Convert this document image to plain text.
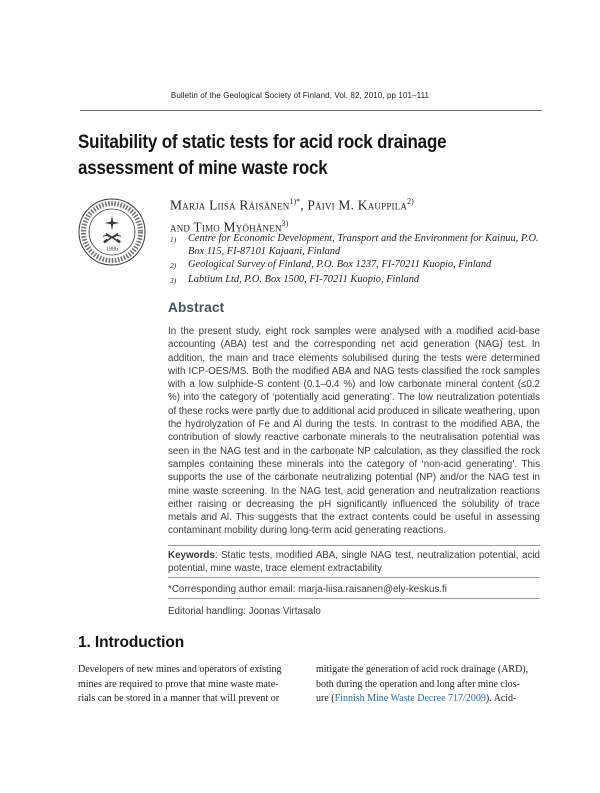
Bulletin of the Geological Society of Finland, Vol. 82, 2010, pp 101–111
Suitability of static tests for acid rock drainage
assessment of mine waste rock
1886
Marja Liisa Räisänen$^{1)*}$, Päivi M. Kauppila$^{2)}$
and Timo Myöhänen$^{3)}$
1)	Centre for Economic Development, Transport and the Environment for Kainuu, P.O. Box 115, FI-87101 Kajaani, Finland
2)	Geological Survey of Finland, P.O. Box 1237, FI-70211 Kuopio, Finland
3)	Labtium Ltd, P.O. Box 1500, FI-70211 Kuopio, Finland
Abstract

In the present study, eight rock samples were analysed with a modified acid-base accounting (ABA) test and the corresponding net acid generation (NAG) test. In addition, the main and trace elements solubilised during the tests were determined with ICP-OES/MS. Both the modified ABA and NAG tests classified the rock samples with a low sulphide-S content (0.1–0.4 %) and low carbonate mineral content (≤0.2 %) into the category of ‘potentially acid generating’. The low neutralization potentials of these rocks were partly due to additional acid produced in silicate weathering, upon the hydrolyzation of Fe and Al during the tests. In contrast to the modified ABA, the contribution of slowly reactive carbonate minerals to the neutralisation potential was seen in the NAG test and in the carbonate NP calculation, as they classified the rock samples containing these minerals into the category of ‘non-acid generating’. This supports the use of the carbonate neutralizing potential (NP) and/or the NAG test in mine waste screening. In the NAG test, acid generation and neutralization reactions either raising or decreasing the pH significantly influenced the solubility of trace metals and Al. This suggests that the extract contents could be useful in assessing contaminant mobility during long-term acid generating reactions.

Keywords: Static tests, modified ABA, single NAG test, neutralization potential, acid potential, mine waste, trace element extractability
*Corresponding author email: marja-liisa.raisanen@ely-keskus.fi
Editorial handling: Joonas Virtasalo
1. Introduction
Developers of new mines and operators of existing
mines are required to prove that mine waste mate-
rials can be stored in a manner that will prevent or
mitigate the generation of acid rock drainage (ARD),
both during the operation and long after mine clos-
ure (Finnish Mine Waste Decree 717/2009). Acid-
